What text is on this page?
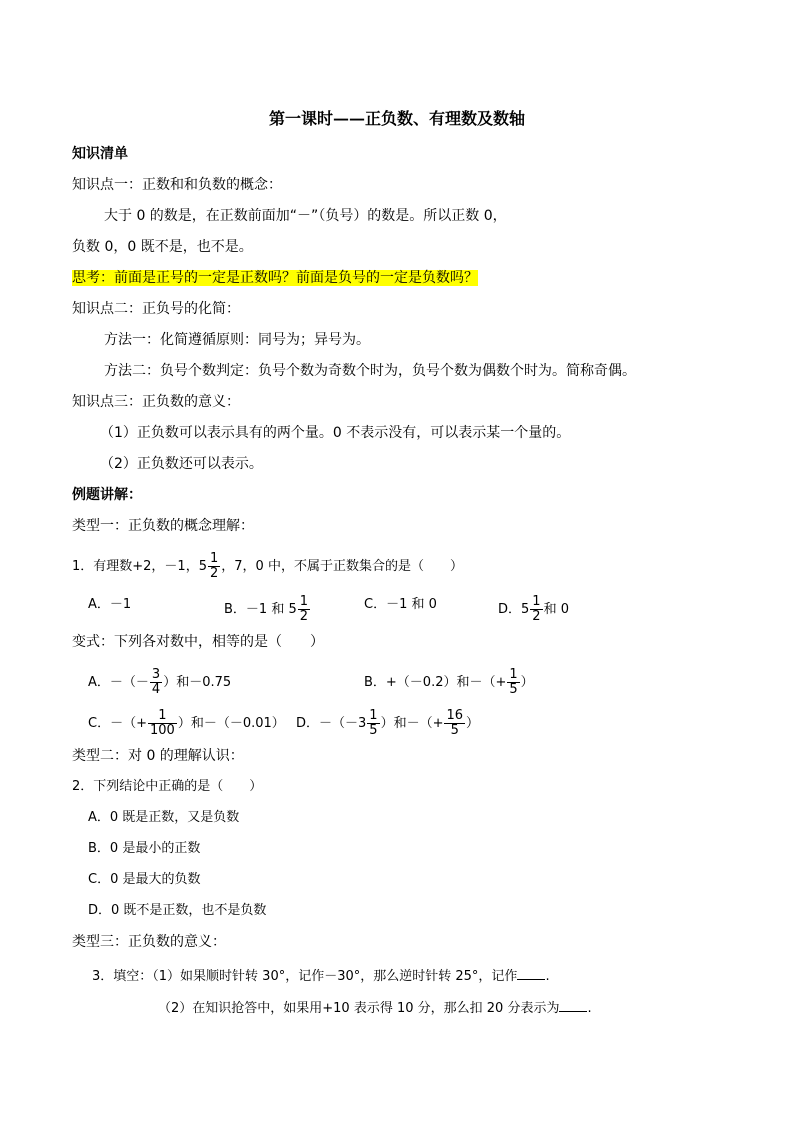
第一课时——正负数、有理数及数轴
知识清单
知识点一：正数和和负数的概念：
大于 0 的数是，在正数前面加“－”（负号）的数是。所以正数 0，
负数 0，0 既不是，也不是。
思考：前面是正号的一定是正数吗？前面是负号的一定是负数吗？
知识点二：正负号的化简：
方法一：化简遵循原则：同号为；异号为。
方法二：负号个数判定：负号个数为奇数个时为，负号个数为偶数个时为。简称奇偶。
知识点三：正负数的意义：
（1）正负数可以表示具有的两个量。0 不表示没有，可以表示某一个量的。
（2）正负数还可以表示。
例题讲解：
类型一：正负数的概念理解：
1．有理数+2，－1，$5 \frac{1}{2}$ ，7，0 中，不属于正数集合的是（　　）
A．－1	B．－1 和 $5 \frac{1}{2}$	C．－1 和 0	D．$5 \frac{1}{2}$ 和 0
变式：下列各对数中，相等的是（　　）
A．－（－ $\frac{3}{4}$ ）和－0.75	B．+（－0.2）和－（+ $\frac{1}{5}$ ）
C．－（+ $\frac{1}{100}$ ）和－（－0.01） D．$-(-3 \frac{1}{5}$ ）和－（+ $\frac{16}{5}$ ）
类型二：对 0 的理解认识：
2．下列结论中正确的是（　　）
A．0 既是正数，又是负数
B．0 是最小的正数
C．0 是最大的负数
D．0 既不是正数，也不是负数
类型三：正负数的意义：
3．填空：（1）如果顺时针转 30°，记作－30°，那么逆时针转 25°，记作 .
（2）在知识抢答中，如果用+10 表示得 10 分，那么扣 20 分表示为 .
